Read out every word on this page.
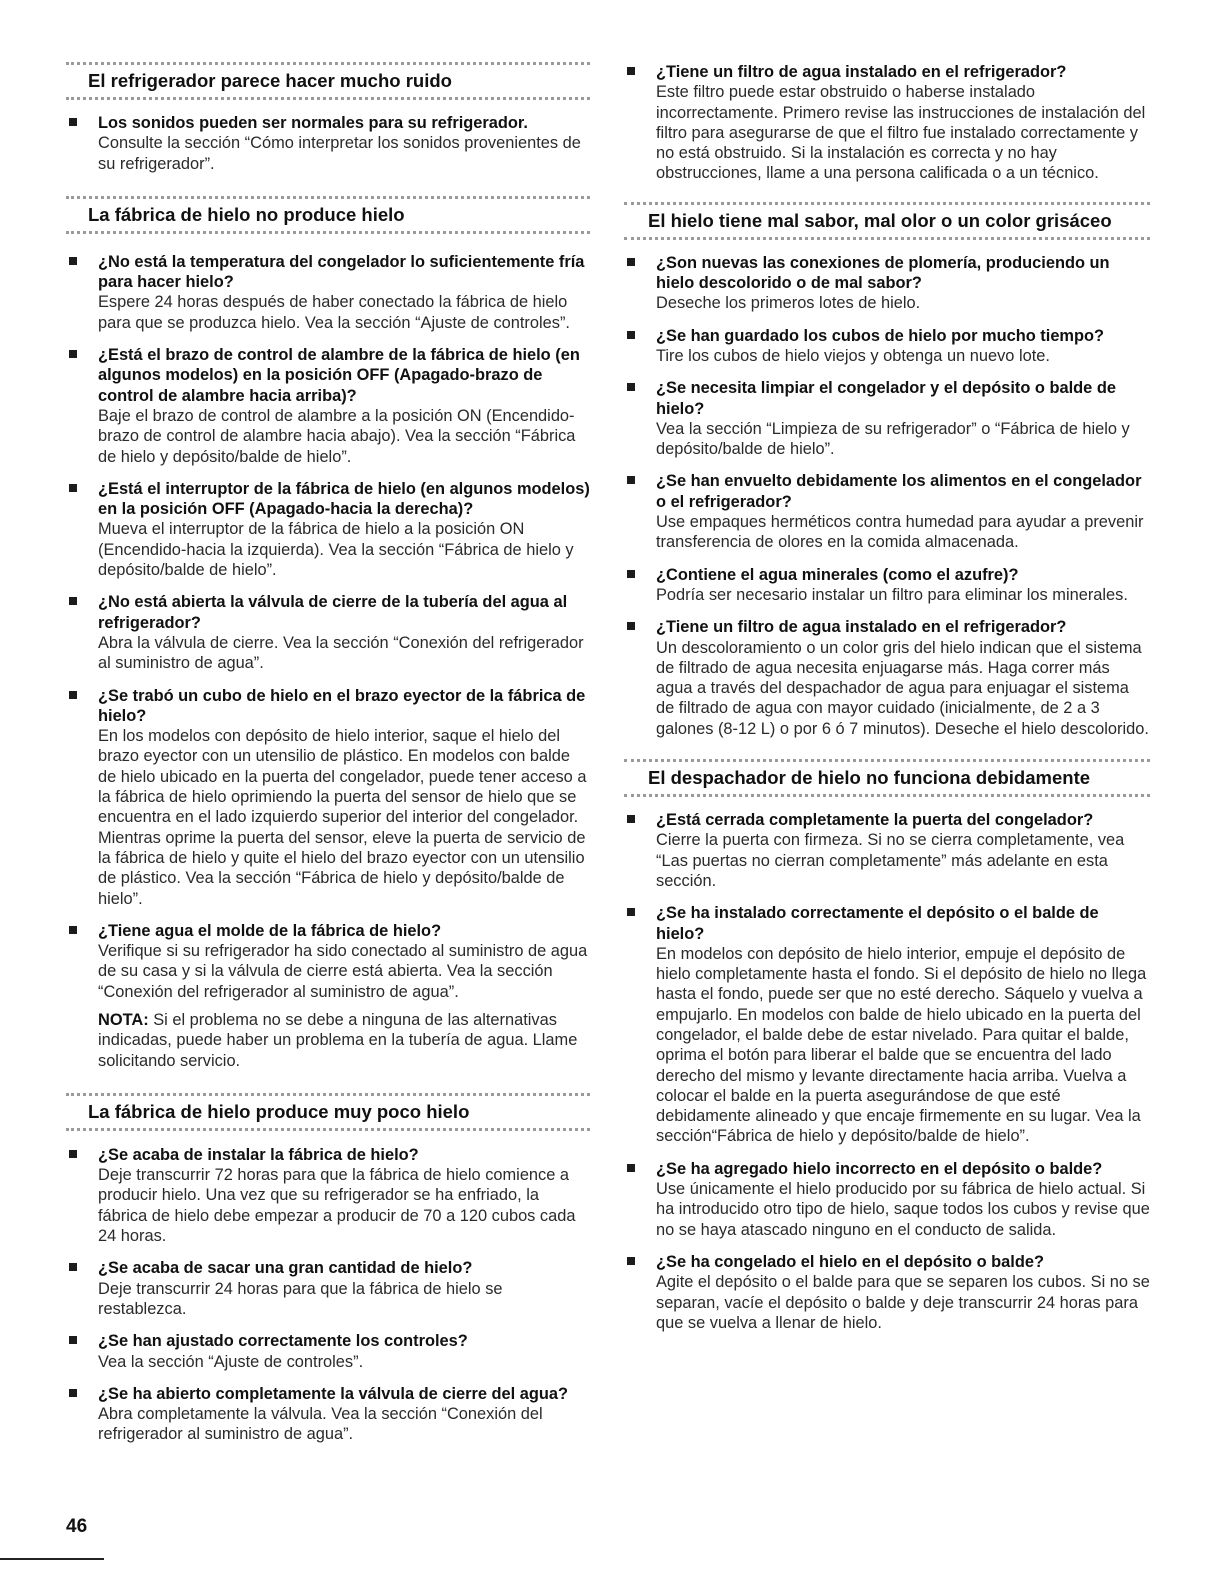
El refrigerador parece hacer mucho ruido
Los sonidos pueden ser normales para su refrigerador.
Consulte la sección “Cómo interpretar los sonidos provenientes de su refrigerador”.
La fábrica de hielo no produce hielo
¿No está la temperatura del congelador lo suficientemente fría para hacer hielo?
Espere 24 horas después de haber conectado la fábrica de hielo para que se produzca hielo. Vea la sección “Ajuste de controles”.
¿Está el brazo de control de alambre de la fábrica de hielo (en algunos modelos) en la posición OFF (Apagado-brazo de control de alambre hacia arriba)?
Baje el brazo de control de alambre a la posición ON (Encendido-brazo de control de alambre hacia abajo). Vea la sección “Fábrica de hielo y depósito/balde de hielo”.
¿Está el interruptor de la fábrica de hielo (en algunos modelos) en la posición OFF (Apagado-hacia la derecha)?
Mueva el interruptor de la fábrica de hielo a la posición ON (Encendido-hacia la izquierda). Vea la sección “Fábrica de hielo y depósito/balde de hielo”.
¿No está abierta la válvula de cierre de la tubería del agua al refrigerador?
Abra la válvula de cierre. Vea la sección “Conexión del refrigerador al suministro de agua”.
¿Se trabó un cubo de hielo en el brazo eyector de la fábrica de hielo?
En los modelos con depósito de hielo interior, saque el hielo del brazo eyector con un utensilio de plástico. En modelos con balde de hielo ubicado en la puerta del congelador, puede tener acceso a la fábrica de hielo oprimiendo la puerta del sensor de hielo que se encuentra en el lado izquierdo superior del interior del congelador. Mientras oprime la puerta del sensor, eleve la puerta de servicio de la fábrica de hielo y quite el hielo del brazo eyector con un utensilio de plástico. Vea la sección “Fábrica de hielo y depósito/balde de hielo”.
¿Tiene agua el molde de la fábrica de hielo?
Verifique si su refrigerador ha sido conectado al suministro de agua de su casa y si la válvula de cierre está abierta. Vea la sección “Conexión del refrigerador al suministro de agua”.
NOTA: Si el problema no se debe a ninguna de las alternativas indicadas, puede haber un problema en la tubería de agua. Llame solicitando servicio.
La fábrica de hielo produce muy poco hielo
¿Se acaba de instalar la fábrica de hielo?
Deje transcurrir 72 horas para que la fábrica de hielo comience a producir hielo. Una vez que su refrigerador se ha enfriado, la fábrica de hielo debe empezar a producir de 70 a 120 cubos cada 24 horas.
¿Se acaba de sacar una gran cantidad de hielo?
Deje transcurrir 24 horas para que la fábrica de hielo se restablezca.
¿Se han ajustado correctamente los controles?
Vea la sección “Ajuste de controles”.
¿Se ha abierto completamente la válvula de cierre del agua?
Abra completamente la válvula. Vea la sección “Conexión del refrigerador al suministro de agua”.
¿Tiene un filtro de agua instalado en el refrigerador?
Este filtro puede estar obstruido o haberse instalado incorrectamente. Primero revise las instrucciones de instalación del filtro para asegurarse de que el filtro fue instalado correctamente y no está obstruido. Si la instalación es correcta y no hay obstrucciones, llame a una persona calificada o a un técnico.
El hielo tiene mal sabor, mal olor o un color grisáceo
¿Son nuevas las conexiones de plomería, produciendo un hielo descolorido o de mal sabor?
Deseche los primeros lotes de hielo.
¿Se han guardado los cubos de hielo por mucho tiempo?
Tire los cubos de hielo viejos y obtenga un nuevo lote.
¿Se necesita limpiar el congelador y el depósito o balde de hielo?
Vea la sección “Limpieza de su refrigerador” o “Fábrica de hielo y depósito/balde de hielo”.
¿Se han envuelto debidamente los alimentos en el congelador o el refrigerador?
Use empaques herméticos contra humedad para ayudar a prevenir transferencia de olores en la comida almacenada.
¿Contiene el agua minerales (como el azufre)?
Podría ser necesario instalar un filtro para eliminar los minerales.
¿Tiene un filtro de agua instalado en el refrigerador?
Un descoloramiento o un color gris del hielo indican que el sistema de filtrado de agua necesita enjuagarse más. Haga correr más agua a través del despachador de agua para enjuagar el sistema de filtrado de agua con mayor cuidado (inicialmente, de 2 a 3 galones (8-12 L) o por 6 ó 7 minutos). Deseche el hielo descolorido.
El despachador de hielo no funciona debidamente
¿Está cerrada completamente la puerta del congelador?
Cierre la puerta con firmeza. Si no se cierra completamente, vea “Las puertas no cierran completamente” más adelante en esta sección.
¿Se ha instalado correctamente el depósito o el balde de hielo?
En modelos con depósito de hielo interior, empuje el depósito de hielo completamente hasta el fondo. Si el depósito de hielo no llega hasta el fondo, puede ser que no esté derecho. Sáquelo y vuelva a empujarlo. En modelos con balde de hielo ubicado en la puerta del congelador, el balde debe de estar nivelado. Para quitar el balde, oprima el botón para liberar el balde que se encuentra del lado derecho del mismo y levante directamente hacia arriba. Vuelva a colocar el balde en la puerta asegurándose de que esté debidamente alineado y que encaje firmemente en su lugar. Vea la sección“Fábrica de hielo y depósito/balde de hielo”.
¿Se ha agregado hielo incorrecto en el depósito o balde?
Use únicamente el hielo producido por su fábrica de hielo actual. Si ha introducido otro tipo de hielo, saque todos los cubos y revise que no se haya atascado ninguno en el conducto de salida.
¿Se ha congelado el hielo en el depósito o balde?
Agite el depósito o el balde para que se separen los cubos. Si no se separan, vacíe el depósito o balde y deje transcurrir 24 horas para que se vuelva a llenar de hielo.
46
